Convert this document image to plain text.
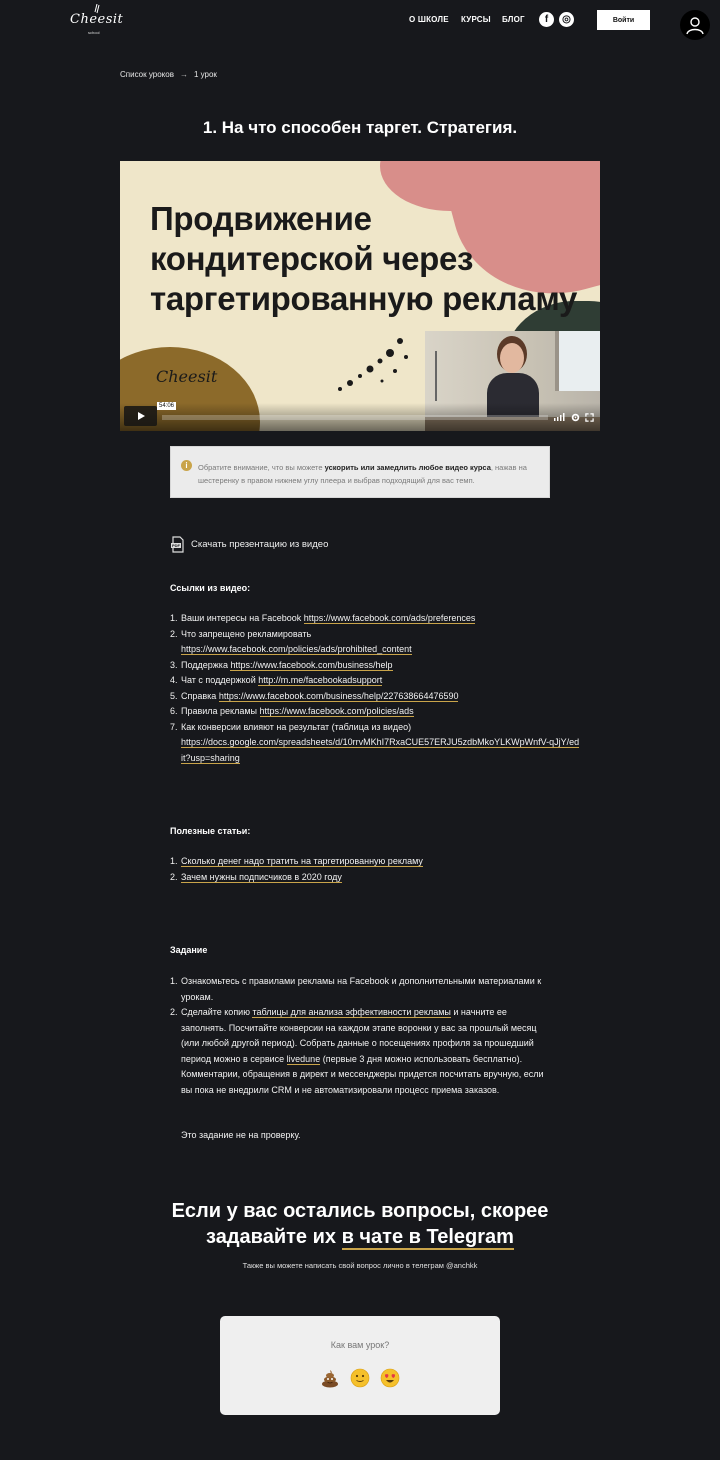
Cheesit
school
О ШКОЛЕ КУРСЫ БЛОГ	f	◎	Войти
Список уроков → 1 урок
1. На что способен таргет. Стратегия.
Продвижение кондитерской через таргетированную рекламу
Cheesit
54:06
i	Обратите внимание, что вы можете ускорить или замедлить любое видео курса, нажав на шестеренку в правом нижнем углу плеера и выбрав подходящий для вас темп.
PDF Скачать презентацию из видео
Ссылки из видео:
1. Ваши интересы на Facebook https://www.facebook.com/ads/preferences
2. Что запрещено рекламировать
https://www.facebook.com/policies/ads/prohibited_content
3. Поддержка https://www.facebook.com/business/help
4. Чат с поддержкой http://m.me/facebookadsupport
5. Справка https://www.facebook.com/business/help/227638664476590
6. Правила рекламы https://www.facebook.com/policies/ads
7. Как конверсии влияют на результат (таблица из видео)
https://docs.google.com/spreadsheets/d/10rrvMKhI7RxaCUE57ERJU5zdbMkoYLKWpWnfV-qJjY/edit?usp=sharing
Полезные статьи:
1. Сколько денег надо тратить на таргетированную рекламу
2. Зачем нужны подписчиков в 2020 году
Задание
1. Ознакомьтесь с правилами рекламы на Facebook и дополнительными материалами к урокам.
2. Сделайте копию таблицы для анализа эффективности рекламы и начните ее заполнять. Посчитайте конверсии на каждом этапе воронки у вас за прошлый месяц (или любой другой период). Собрать данные о посещениях профиля за прошедший период можно в сервисе livedune (первые 3 дня можно использовать бесплатно). Комментарии, обращения в директ и мессенджеры придется посчитать вручную, если вы пока не внедрили CRM и не автоматизировали процесс приема заказов.
Это задание не на проверку.
Если у вас остались вопросы, скорее
задавайте их в чате в Telegram
Также вы можете написать свой вопрос лично в телеграм @anchkk
Как вам урок?
